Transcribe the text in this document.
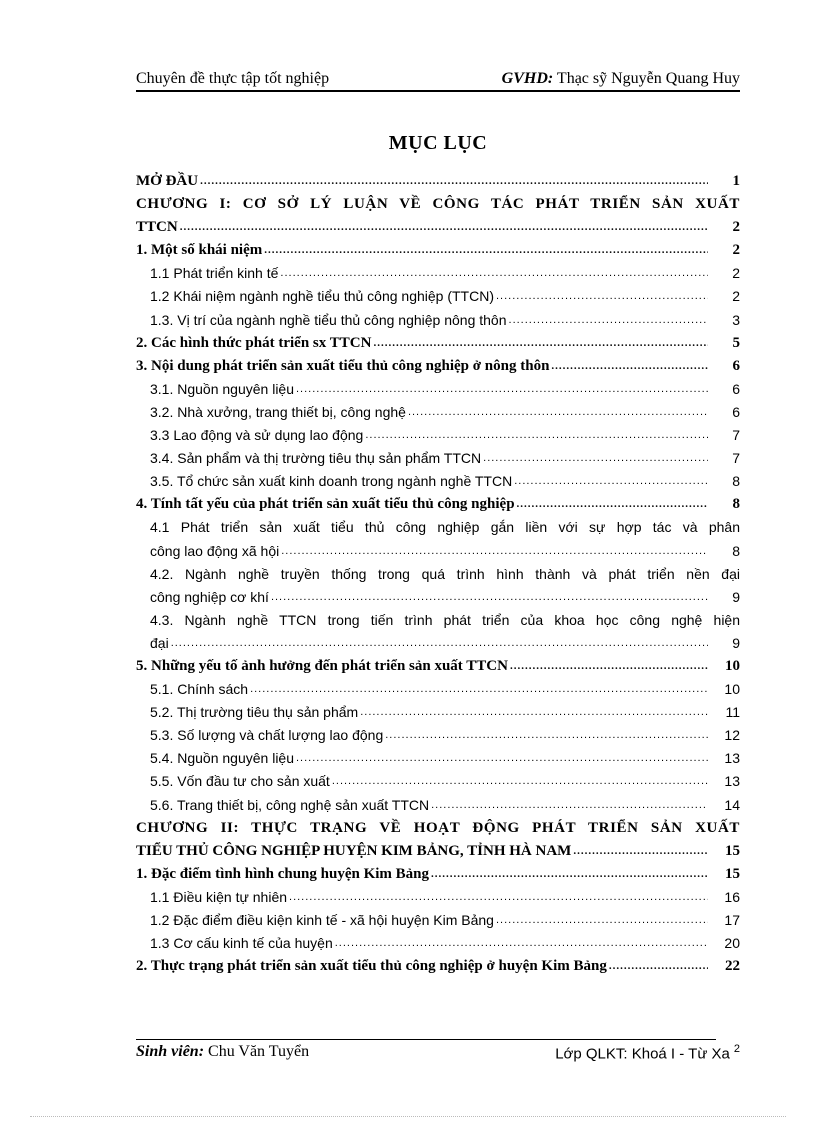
Chuyên đề thực tập tốt nghiệp	GVHD: Thạc sỹ Nguyễn Quang Huy
MỤC LỤC
MỞ ĐẦU .....	1
CHƯƠNG I: CƠ SỞ LÝ LUẬN VỀ CÔNG TÁC PHÁT TRIỂN SẢN XUẤT
TTCN .....	2
1. Một số khái niệm .....	2
1.1 Phát triển kinh tế .....	2
1.2 Khái niệm ngành nghề tiểu thủ công nghiệp (TTCN) .....	2
1.3. Vị trí của ngành nghề tiểu thủ công nghiệp nông thôn .....	3
2. Các hình thức phát triển sx TTCN .....	5
3. Nội dung phát triển sản xuất tiểu thủ công nghiệp ở nông thôn .....	6
3.1. Nguồn nguyên liệu .....	6
3.2. Nhà xưởng, trang thiết bị, công nghệ .....	6
3.3 Lao động và sử dụng lao động .....	7
3.4. Sản phẩm và thị trường tiêu thụ sản phẩm TTCN .....	7
3.5. Tổ chức sản xuất kinh doanh trong ngành nghề TTCN .....	8
4. Tính tất yếu của phát triển sản xuất tiểu thủ công nghiệp .....	8
4.1 Phát triển sản xuất tiểu thủ công nghiệp gắn liền với sự hợp tác và phân
công lao động xã hội .....	8
4.2. Ngành nghề truyền thống trong quá trình hình thành và phát triển nền đại
công nghiệp cơ khí .....	9
4.3. Ngành nghề TTCN trong tiến trình phát triển của khoa học công nghệ hiện
đại .....	9
5. Những yếu tố ảnh hưởng đến phát triển sản xuất TTCN .....	10
5.1. Chính sách .....	10
5.2. Thị trường tiêu thụ sản phẩm .....	11
5.3. Số lượng và chất lượng lao động .....	12
5.4. Nguồn nguyên liệu .....	13
5.5. Vốn đầu tư cho sản xuất .....	13
5.6. Trang thiết bị, công nghệ sản xuất TTCN .....	14
CHƯƠNG II: THỰC TRẠNG VỀ HOẠT ĐỘNG PHÁT TRIỂN SẢN XUẤT
TIỂU THỦ CÔNG NGHIỆP HUYỆN KIM BẢNG, TỈNH HÀ NAM .....	15
1. Đặc điểm tình hình chung huyện Kim Bảng .....	15
1.1 Điều kiện tự nhiên .....	16
1.2 Đặc điểm điều kiện kinh tế - xã hội huyện Kim Bảng .....	17
1.3 Cơ cấu kinh tế của huyện .....	20
2. Thực trạng phát triển sản xuất tiểu thủ công nghiệp ở huyện Kim Bảng .....	22
Sinh viên: Chu Văn Tuyển	Lớp QLKT: Khoá I - Từ Xa $^2$
